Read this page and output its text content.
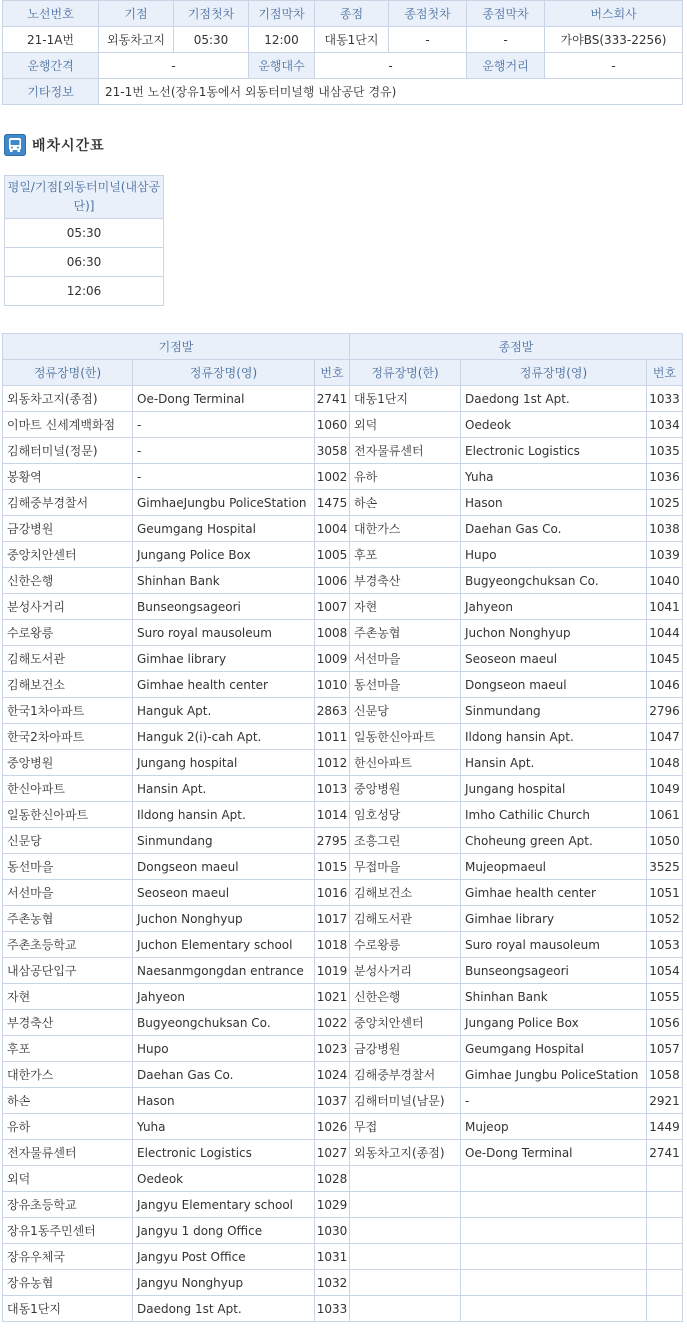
노선번호	기점	기점첫차	기점막차	종점	종점첫차	종점막차	버스회사
21-1A번	외동차고지	05:30	12:00	대동1단지	-	-	가야BS(333-2256)
운행간격	-		운행대수	-		운행거리	-
기타정보	21-1번 노선(장유1동에서 외동터미널행 내삼공단 경유)						
배차시간표
평일/기점[외동터미널(내삼공단)]
05:30
06:30
12:06
기점발			종점발		
정류장명(한)	정류장명(영)	번호	정류장명(한)	정류장명(영)	번호
외동차고지(종점)	Oe-Dong Terminal	2741	대동1단지	Daedong 1st Apt.	1033
이마트 신세계백화점	-	1060	외덕	Oedeok	1034
김해터미널(정문)	-	3058	전자물류센터	Electronic Logistics	1035
봉황역	-	1002	유하	Yuha	1036
김해중부경찰서	GimhaeJungbu PoliceStation	1475	하손	Hason	1025
금강병원	Geumgang Hospital	1004	대한가스	Daehan Gas Co.	1038
중앙치안센터	Jungang Police Box	1005	후포	Hupo	1039
신한은행	Shinhan Bank	1006	부경축산	Bugyeongchuksan Co.	1040
분성사거리	Bunseongsageori	1007	자현	Jahyeon	1041
수로왕릉	Suro royal mausoleum	1008	주촌농협	Juchon Nonghyup	1044
김해도서관	Gimhae library	1009	서선마을	Seoseon maeul	1045
김해보건소	Gimhae health center	1010	동선마을	Dongseon maeul	1046
한국1차아파트	Hanguk Apt.	2863	신문당	Sinmundang	2796
한국2차아파트	Hanguk 2(i)-cah Apt.	1011	일동한신아파트	Ildong hansin Apt.	1047
중앙병원	Jungang hospital	1012	한신아파트	Hansin Apt.	1048
한신아파트	Hansin Apt.	1013	중앙병원	Jungang hospital	1049
일동한신아파트	Ildong hansin Apt.	1014	임호성당	Imho Cathilic Church	1061
신문당	Sinmundang	2795	조흥그린	Choheung green Apt.	1050
동선마을	Dongseon maeul	1015	무접마을	Mujeopmaeul	3525
서선마을	Seoseon maeul	1016	김해보건소	Gimhae health center	1051
주촌농협	Juchon Nonghyup	1017	김해도서관	Gimhae library	1052
주촌초등학교	Juchon Elementary school	1018	수로왕릉	Suro royal mausoleum	1053
내삼공단입구	Naesanmgongdan entrance	1019	분성사거리	Bunseongsageori	1054
자현	Jahyeon	1021	신한은행	Shinhan Bank	1055
부경축산	Bugyeongchuksan Co.	1022	중앙치안센터	Jungang Police Box	1056
후포	Hupo	1023	금강병원	Geumgang Hospital	1057
대한가스	Daehan Gas Co.	1024	김해중부경찰서	Gimhae Jungbu PoliceStation	1058
하손	Hason	1037	김해터미널(남문)	-	2921
유하	Yuha	1026	무접	Mujeop	1449
전자물류센터	Electronic Logistics	1027	외동차고지(종점)	Oe-Dong Terminal	2741
외덕	Oedeok	1028			
장유초등학교	Jangyu Elementary school	1029			
장유1동주민센터	Jangyu 1 dong Office	1030			
장유우체국	Jangyu Post Office	1031			
장유농협	Jangyu Nonghyup	1032			
대동1단지	Daedong 1st Apt.	1033			
